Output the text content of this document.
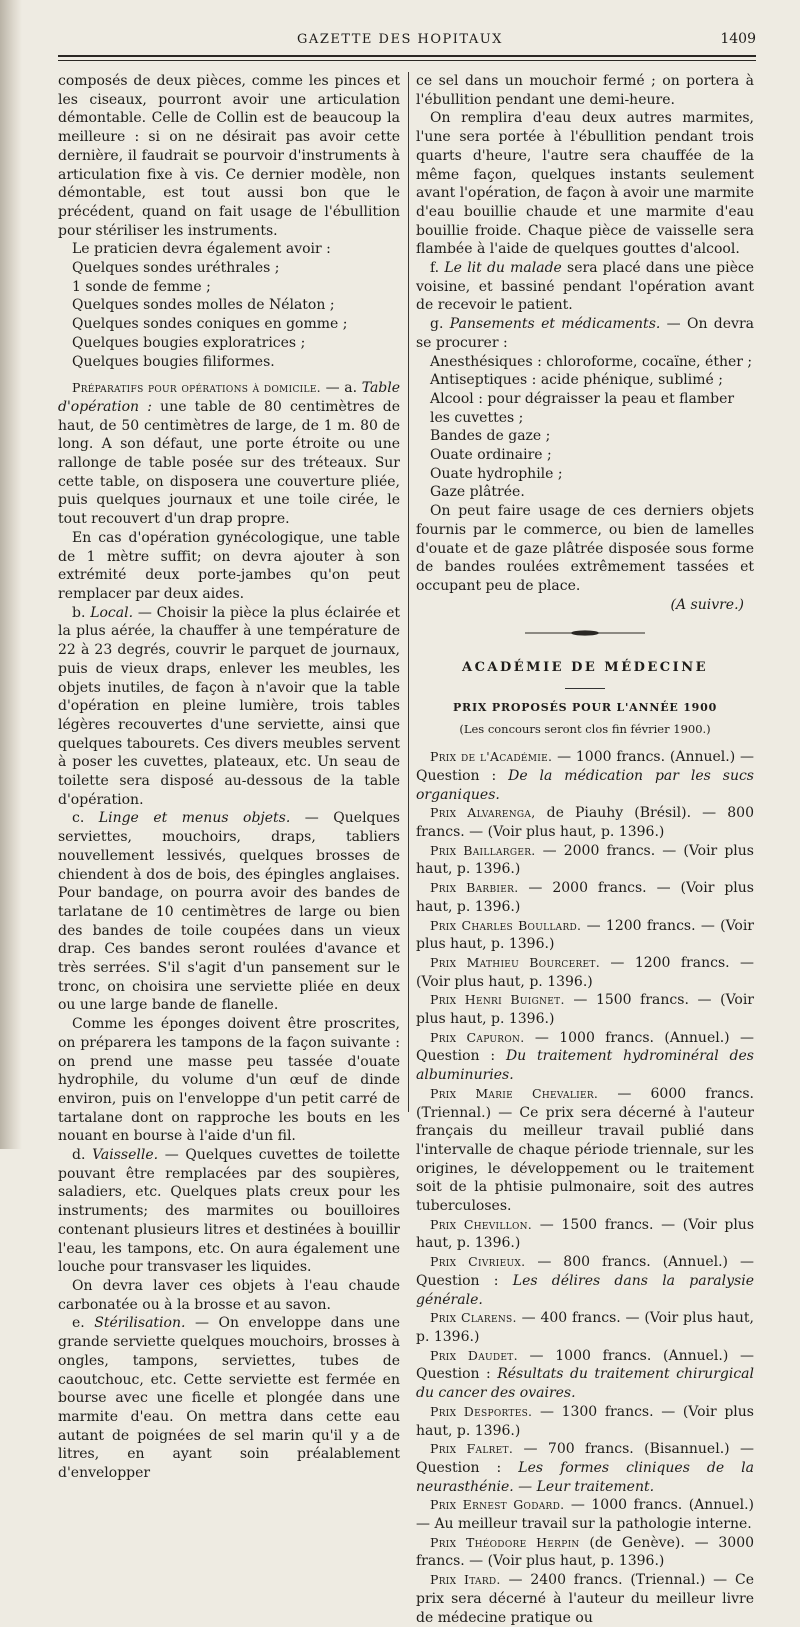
GAZETTE DES HOPITAUX	1409

composés de deux pièces, comme les pinces et les ciseaux, pourront avoir une articulation démontable. Celle de Collin est de beaucoup la meilleure : si on ne désirait pas avoir cette dernière, il faudrait se pourvoir d'instruments à articulation fixe à vis. Ce dernier modèle, non démontable, est tout aussi bon que le précédent, quand on fait usage de l'ébullition pour stériliser les instruments.

Le praticien devra également avoir :

Quelques sondes uréthrales ;

1 sonde de femme ;

Quelques sondes molles de Nélaton ;

Quelques sondes coniques en gomme ;

Quelques bougies exploratrices ;

Quelques bougies filiformes.

Préparatifs pour opérations à domicile. — a. Table d'opération : une table de 80 centimètres de haut, de 50 centimètres de large, de 1 m. 80 de long. A son défaut, une porte étroite ou une rallonge de table posée sur des tréteaux. Sur cette table, on disposera une couverture pliée, puis quelques journaux et une toile cirée, le tout recouvert d'un drap propre.

En cas d'opération gynécologique, une table de 1 mètre suffit; on devra ajouter à son extrémité deux porte-jambes qu'on peut remplacer par deux aides.

b. Local. — Choisir la pièce la plus éclairée et la plus aérée, la chauffer à une température de 22 à 23 degrés, couvrir le parquet de journaux, puis de vieux draps, enlever les meubles, les objets inutiles, de façon à n'avoir que la table d'opération en pleine lumière, trois tables légères recouvertes d'une serviette, ainsi que quelques tabourets. Ces divers meubles servent à poser les cuvettes, plateaux, etc. Un seau de toilette sera disposé au-dessous de la table d'opération.

c. Linge et menus objets. — Quelques serviettes, mouchoirs, draps, tabliers nouvellement lessivés, quelques brosses de chiendent à dos de bois, des épingles anglaises. Pour bandage, on pourra avoir des bandes de tarlatane de 10 centimètres de large ou bien des bandes de toile coupées dans un vieux drap. Ces bandes seront roulées d'avance et très serrées. S'il s'agit d'un pansement sur le tronc, on choisira une serviette pliée en deux ou une large bande de flanelle.

Comme les éponges doivent être proscrites, on préparera les tampons de la façon suivante : on prend une masse peu tassée d'ouate hydrophile, du volume d'un œuf de dinde environ, puis on l'enveloppe d'un petit carré de tartalane dont on rapproche les bouts en les nouant en bourse à l'aide d'un fil.

d. Vaisselle. — Quelques cuvettes de toilette pouvant être remplacées par des soupières, saladiers, etc. Quelques plats creux pour les instruments; des marmites ou bouilloires contenant plusieurs litres et destinées à bouillir l'eau, les tampons, etc. On aura également une louche pour transvaser les liquides.

On devra laver ces objets à l'eau chaude carbonatée ou à la brosse et au savon.

e. Stérilisation. — On enveloppe dans une grande serviette quelques mouchoirs, brosses à ongles, tampons, serviettes, tubes de caoutchouc, etc. Cette serviette est fermée en bourse avec une ficelle et plongée dans une marmite d'eau. On mettra dans cette eau autant de poignées de sel marin qu'il y a de litres, en ayant soin préalablement d'envelopper

ce sel dans un mouchoir fermé ; on portera à l'ébullition pendant une demi-heure.

On remplira d'eau deux autres marmites, l'une sera portée à l'ébullition pendant trois quarts d'heure, l'autre sera chauffée de la même façon, quelques instants seulement avant l'opération, de façon à avoir une marmite d'eau bouillie chaude et une marmite d'eau bouillie froide. Chaque pièce de vaisselle sera flambée à l'aide de quelques gouttes d'alcool.

f. Le lit du malade sera placé dans une pièce voisine, et bassiné pendant l'opération avant de recevoir le patient.

g. Pansements et médicaments. — On devra se procurer :

Anesthésiques : chloroforme, cocaïne, éther ;

Antiseptiques : acide phénique, sublimé ;

Alcool : pour dégraisser la peau et flamber les cuvettes ;

Bandes de gaze ;

Ouate ordinaire ;

Ouate hydrophile ;

Gaze plâtrée.

On peut faire usage de ces derniers objets fournis par le commerce, ou bien de lamelles d'ouate et de gaze plâtrée disposée sous forme de bandes roulées extrêmement tassées et occupant peu de place.

(A suivre.)

ACADÉMIE DE MÉDECINE
PRIX PROPOSÉS POUR L'ANNÉE 1900
(Les concours seront clos fin février 1900.)

Prix de l'Académie. — 1000 francs. (Annuel.) — Question : De la médication par les sucs organiques.

Prix Alvarenga, de Piauhy (Brésil). — 800 francs. — (Voir plus haut, p. 1396.)

Prix Baillarger. — 2000 francs. — (Voir plus haut, p. 1396.)

Prix Barbier. — 2000 francs. — (Voir plus haut, p. 1396.)

Prix Charles Boullard. — 1200 francs. — (Voir plus haut, p. 1396.)

Prix Mathieu Bourceret. — 1200 francs. — (Voir plus haut, p. 1396.)

Prix Henri Buignet. — 1500 francs. — (Voir plus haut, p. 1396.)

Prix Capuron. — 1000 francs. (Annuel.) — Question : Du traitement hydrominéral des albuminuries.

Prix Marie Chevalier. — 6000 francs. (Triennal.) — Ce prix sera décerné à l'auteur français du meilleur travail publié dans l'intervalle de chaque période triennale, sur les origines, le développement ou le traitement soit de la phtisie pulmonaire, soit des autres tuberculoses.

Prix Chevillon. — 1500 francs. — (Voir plus haut, p. 1396.)

Prix Civrieux. — 800 francs. (Annuel.) — Question : Les délires dans la paralysie générale.

Prix Clarens. — 400 francs. — (Voir plus haut, p. 1396.)

Prix Daudet. — 1000 francs. (Annuel.) — Question : Résultats du traitement chirurgical du cancer des ovaires.

Prix Desportes. — 1300 francs. — (Voir plus haut, p. 1396.)

Prix Falret. — 700 francs. (Bisannuel.) — Question : Les formes cliniques de la neurasthénie. — Leur traitement.

Prix Ernest Godard. — 1000 francs. (Annuel.) — Au meilleur travail sur la pathologie interne.

Prix Théodore Herpin (de Genève). — 3000 francs. — (Voir plus haut, p. 1396.)

Prix Itard. — 2400 francs. (Triennal.) — Ce prix sera décerné à l'auteur du meilleur livre de médecine pratique ou
